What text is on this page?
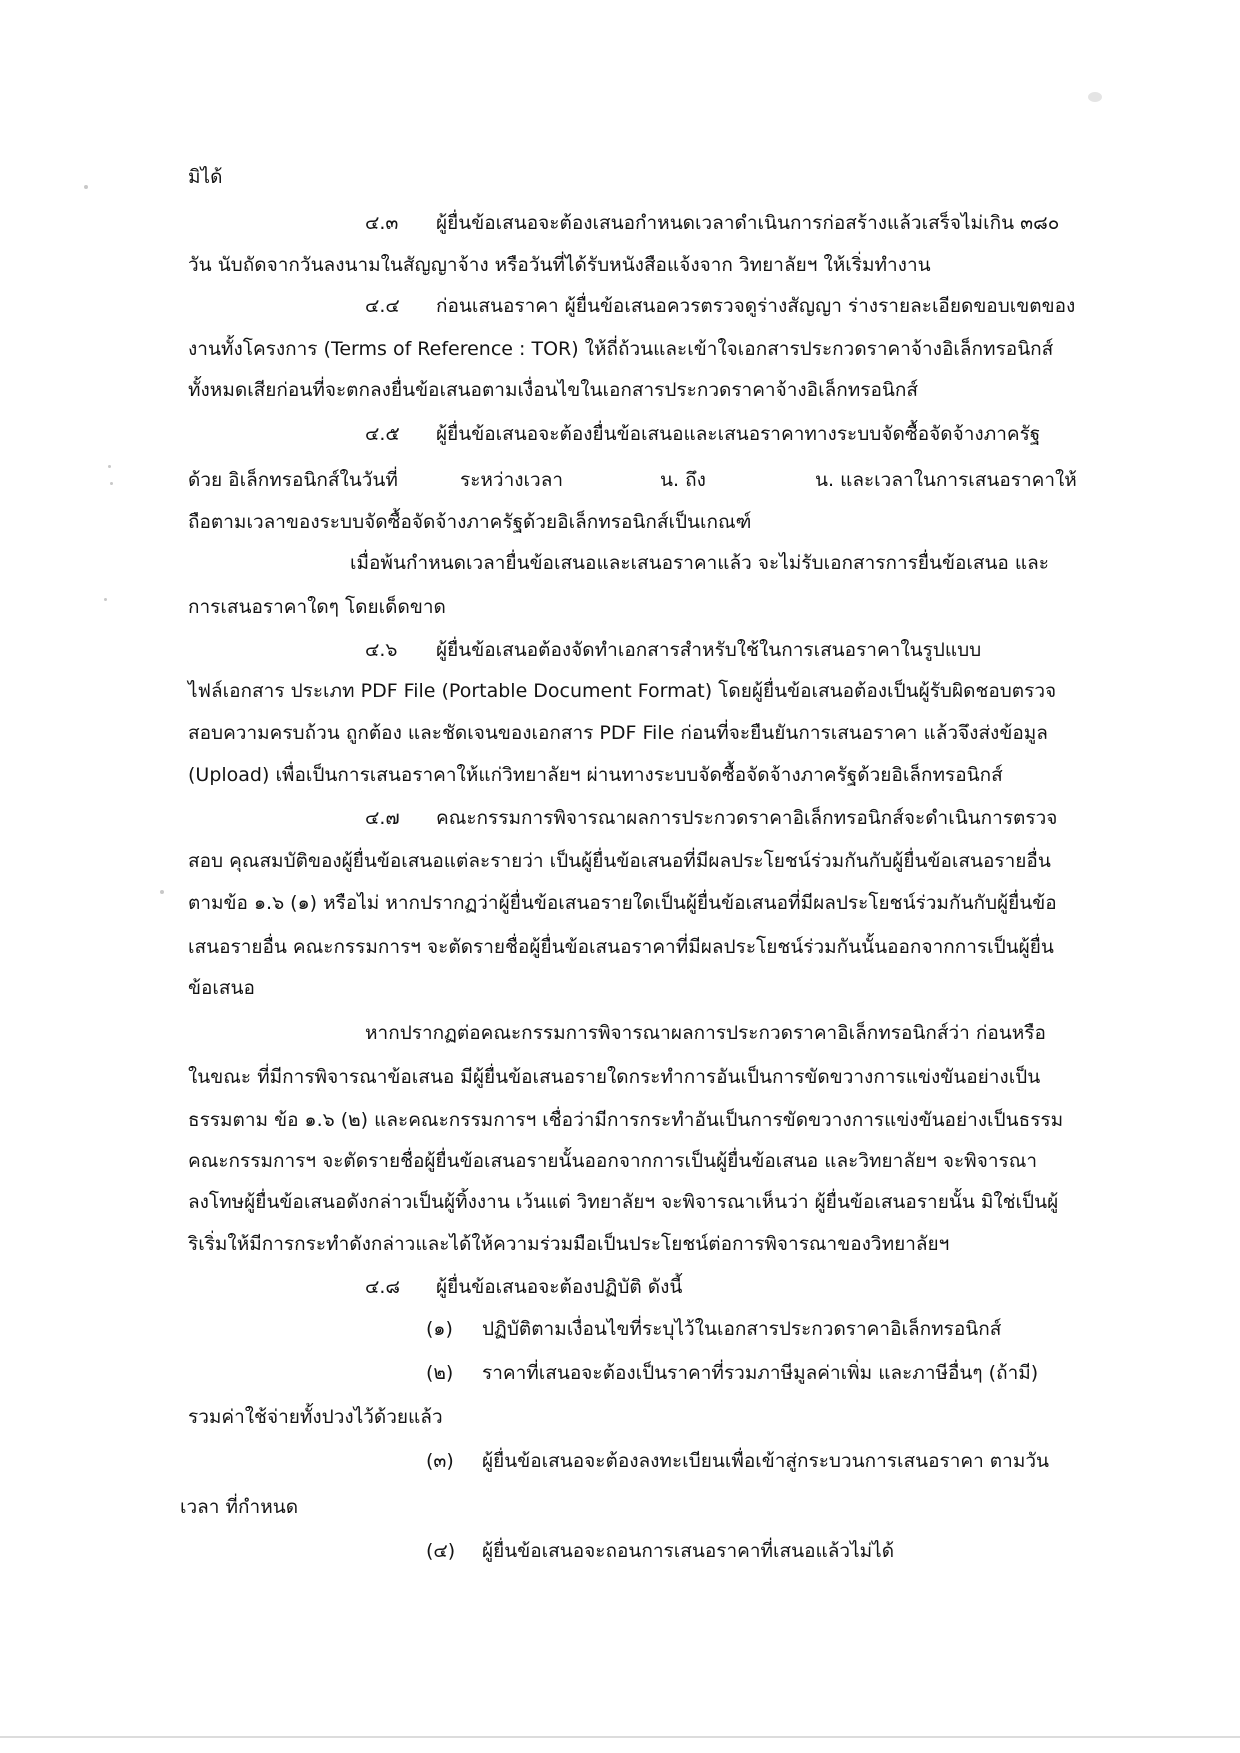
มิได้
๔.๓ ผู้ยื่นข้อเสนอจะต้องเสนอกำหนดเวลาดำเนินการก่อสร้างแล้วเสร็จไม่เกิน ๓๘๐
วัน นับถัดจากวันลงนามในสัญญาจ้าง หรือวันที่ได้รับหนังสือแจ้งจาก วิทยาลัยฯ ให้เริ่มทำงาน
๔.๔ ก่อนเสนอราคา ผู้ยื่นข้อเสนอควรตรวจดูร่างสัญญา ร่างรายละเอียดขอบเขตของ
งานทั้งโครงการ (Terms of Reference : TOR) ให้ถี่ถ้วนและเข้าใจเอกสารประกวดราคาจ้างอิเล็กทรอนิกส์
ทั้งหมดเสียก่อนที่จะตกลงยื่นข้อเสนอตามเงื่อนไขในเอกสารประกวดราคาจ้างอิเล็กทรอนิกส์
๔.๕ ผู้ยื่นข้อเสนอจะต้องยื่นข้อเสนอและเสนอราคาทางระบบจัดซื้อจัดจ้างภาครัฐ
ด้วย อิเล็กทรอนิกส์ในวันที่	ระหว่างเวลา	น. ถึง	น. และเวลาในการเสนอราคาให้
ถือตามเวลาของระบบจัดซื้อจัดจ้างภาครัฐด้วยอิเล็กทรอนิกส์เป็นเกณฑ์
เมื่อพ้นกำหนดเวลายื่นข้อเสนอและเสนอราคาแล้ว จะไม่รับเอกสารการยื่นข้อเสนอ และ
การเสนอราคาใดๆ โดยเด็ดขาด
๔.๖ ผู้ยื่นข้อเสนอต้องจัดทำเอกสารสำหรับใช้ในการเสนอราคาในรูปแบบ
ไฟล์เอกสาร ประเภท PDF File (Portable Document Format) โดยผู้ยื่นข้อเสนอต้องเป็นผู้รับผิดชอบตรวจ
สอบความครบถ้วน ถูกต้อง และชัดเจนของเอกสาร PDF File ก่อนที่จะยืนยันการเสนอราคา แล้วจึงส่งข้อมูล
(Upload) เพื่อเป็นการเสนอราคาให้แก่วิทยาลัยฯ ผ่านทางระบบจัดซื้อจัดจ้างภาครัฐด้วยอิเล็กทรอนิกส์
๔.๗ คณะกรรมการพิจารณาผลการประกวดราคาอิเล็กทรอนิกส์จะดำเนินการตรวจ
สอบ คุณสมบัติของผู้ยื่นข้อเสนอแต่ละรายว่า เป็นผู้ยื่นข้อเสนอที่มีผลประโยชน์ร่วมกันกับผู้ยื่นข้อเสนอรายอื่น
ตามข้อ ๑.๖ (๑) หรือไม่ หากปรากฏว่าผู้ยื่นข้อเสนอรายใดเป็นผู้ยื่นข้อเสนอที่มีผลประโยชน์ร่วมกันกับผู้ยื่นข้อ
เสนอรายอื่น คณะกรรมการฯ จะตัดรายชื่อผู้ยื่นข้อเสนอราคาที่มีผลประโยชน์ร่วมกันนั้นออกจากการเป็นผู้ยื่น
ข้อเสนอ
หากปรากฏต่อคณะกรรมการพิจารณาผลการประกวดราคาอิเล็กทรอนิกส์ว่า ก่อนหรือ
ในขณะ ที่มีการพิจารณาข้อเสนอ มีผู้ยื่นข้อเสนอรายใดกระทำการอันเป็นการขัดขวางการแข่งขันอย่างเป็น
ธรรมตาม ข้อ ๑.๖ (๒) และคณะกรรมการฯ เชื่อว่ามีการกระทำอันเป็นการขัดขวางการแข่งขันอย่างเป็นธรรม
คณะกรรมการฯ จะตัดรายชื่อผู้ยื่นข้อเสนอรายนั้นออกจากการเป็นผู้ยื่นข้อเสนอ และวิทยาลัยฯ จะพิจารณา
ลงโทษผู้ยื่นข้อเสนอดังกล่าวเป็นผู้ทิ้งงาน เว้นแต่ วิทยาลัยฯ จะพิจารณาเห็นว่า ผู้ยื่นข้อเสนอรายนั้น มิใช่เป็นผู้
ริเริ่มให้มีการกระทำดังกล่าวและได้ให้ความร่วมมือเป็นประโยชน์ต่อการพิจารณาของวิทยาลัยฯ
๔.๘ ผู้ยื่นข้อเสนอจะต้องปฏิบัติ ดังนี้
(๑) ปฏิบัติตามเงื่อนไขที่ระบุไว้ในเอกสารประกวดราคาอิเล็กทรอนิกส์
(๒) ราคาที่เสนอจะต้องเป็นราคาที่รวมภาษีมูลค่าเพิ่ม และภาษีอื่นๆ (ถ้ามี)
รวมค่าใช้จ่ายทั้งปวงไว้ด้วยแล้ว
(๓) ผู้ยื่นข้อเสนอจะต้องลงทะเบียนเพื่อเข้าสู่กระบวนการเสนอราคา ตามวัน
เวลา ที่กำหนด
(๔) ผู้ยื่นข้อเสนอจะถอนการเสนอราคาที่เสนอแล้วไม่ได้
